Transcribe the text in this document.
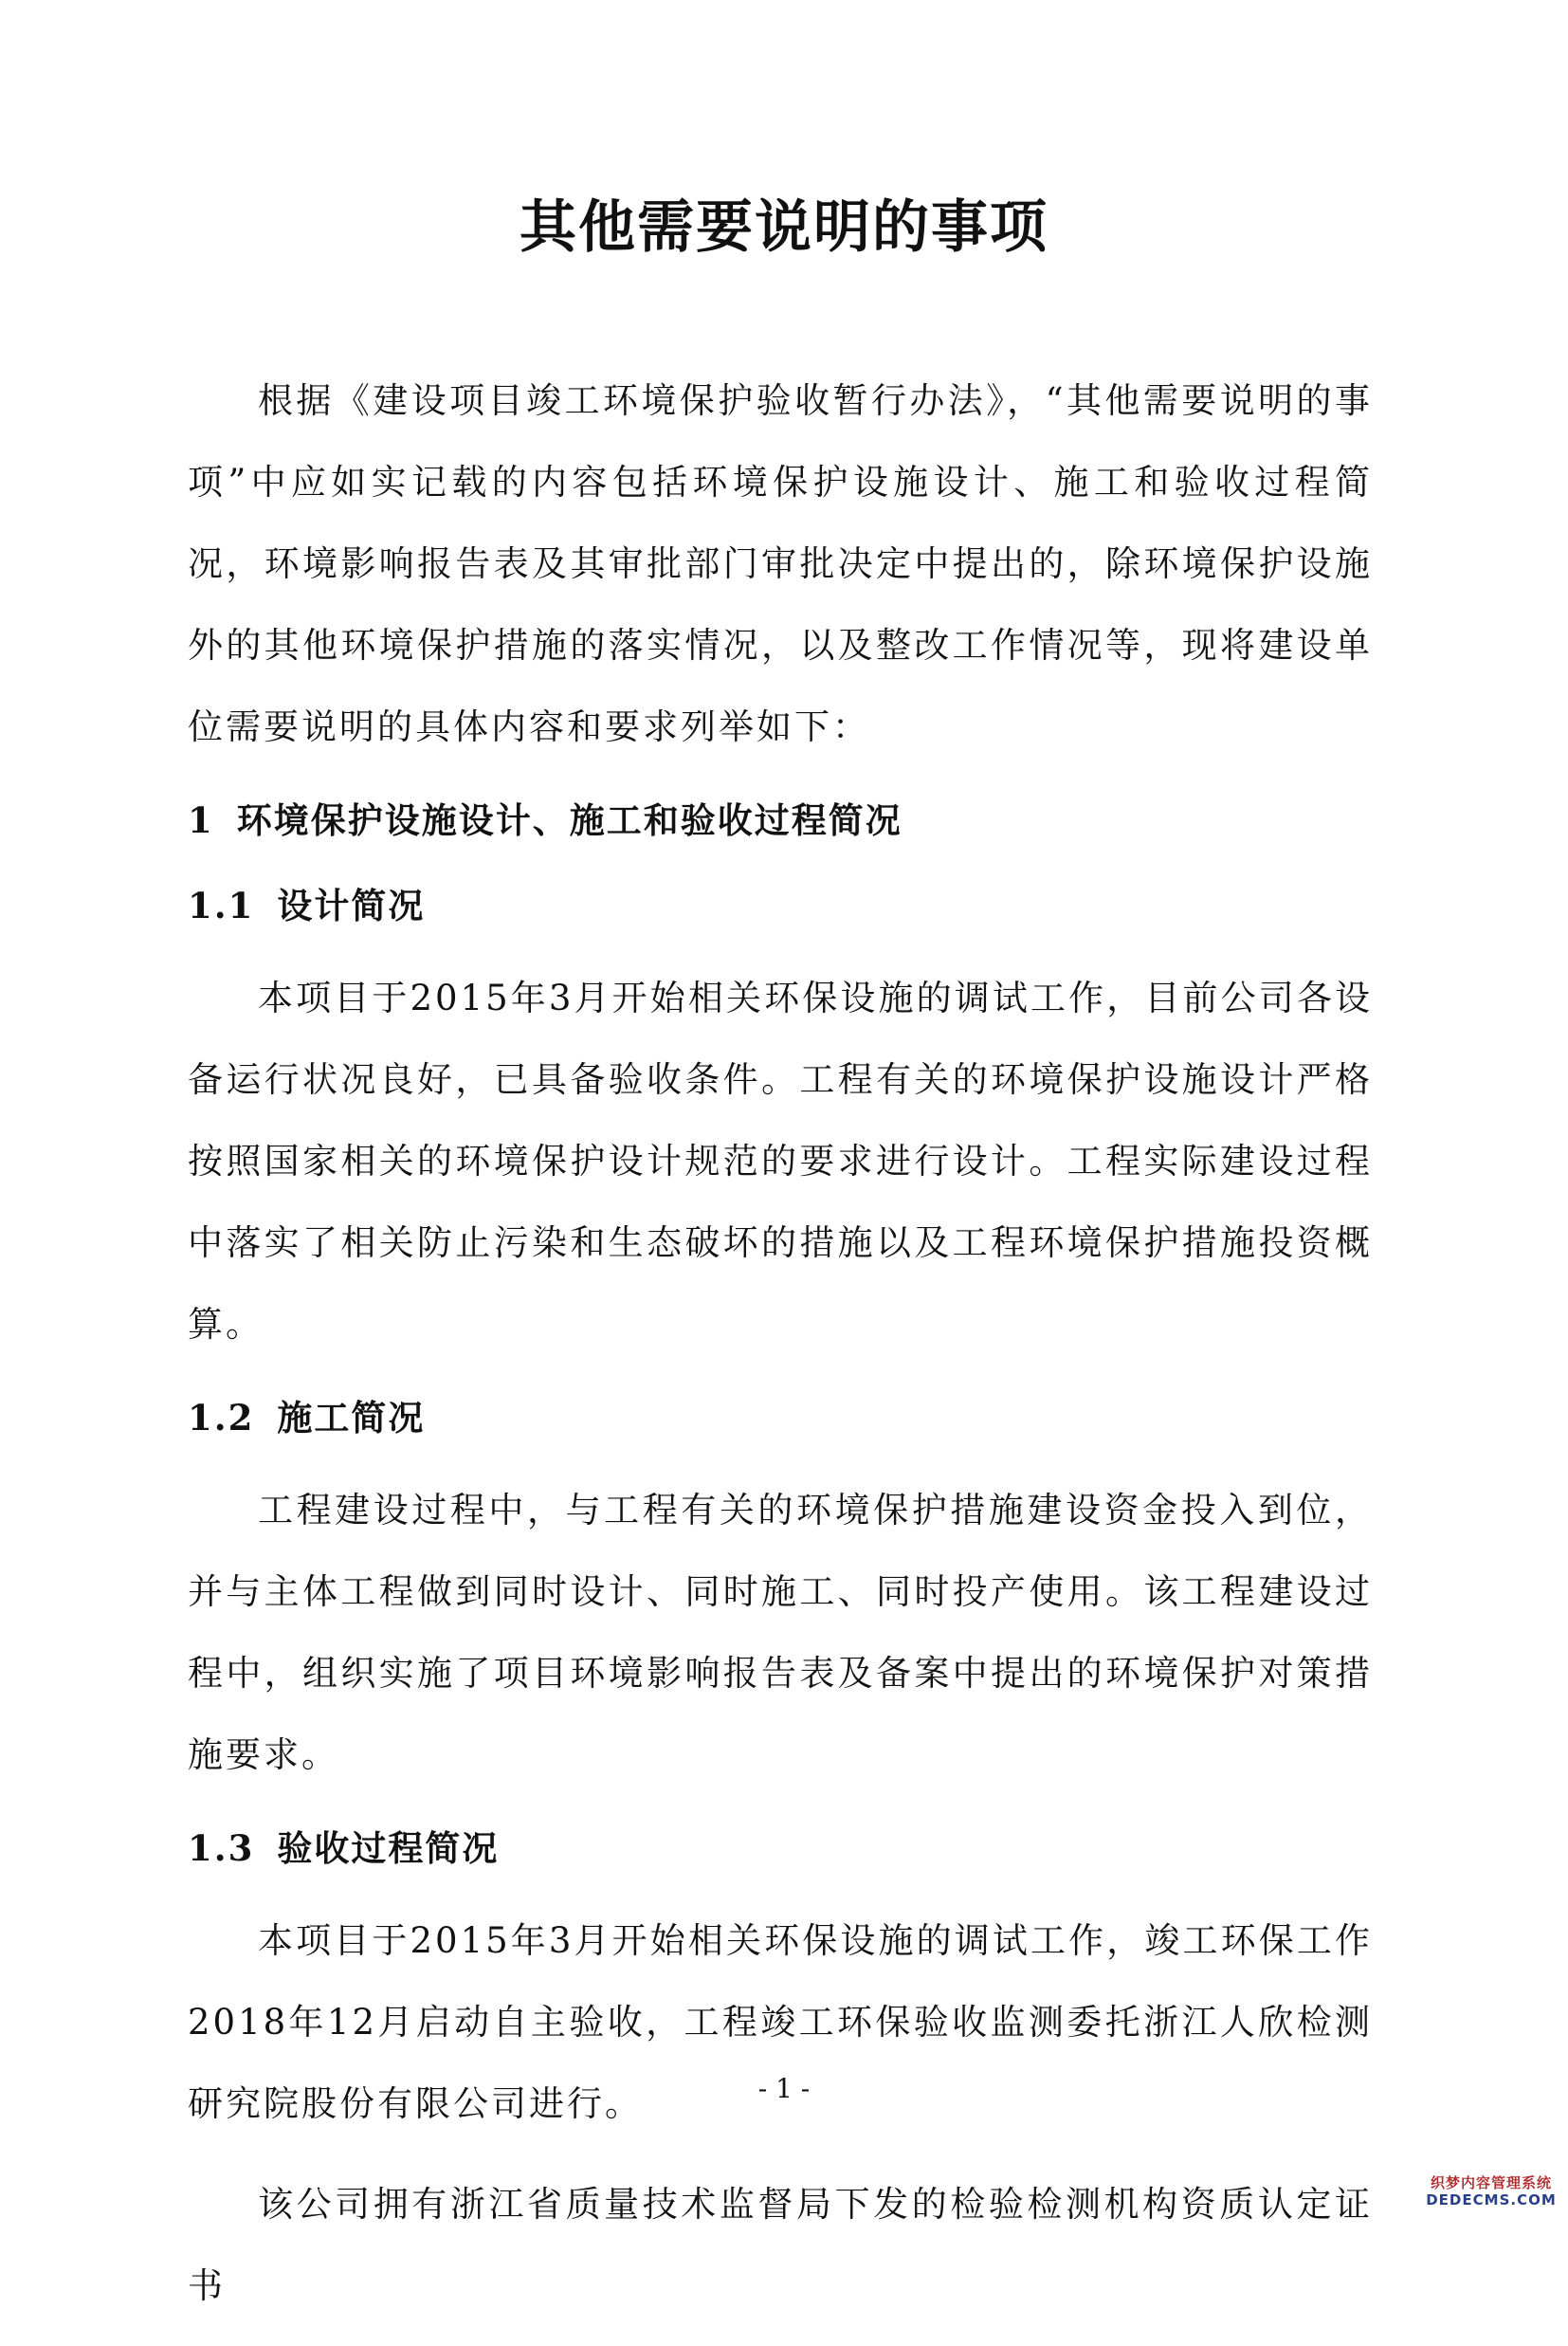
其他需要说明的事项

根据《建设项目竣工环境保护验收暂行办法》，“其他需要说明的事项”中应如实记载的内容包括环境保护设施设计、施工和验收过程简况，环境影响报告表及其审批部门审批决定中提出的，除环境保护设施外的其他环境保护措施的落实情况，以及整改工作情况等，现将建设单位需要说明的具体内容和要求列举如下：

1 环境保护设施设计、施工和验收过程简况
1.1 设计简况

本项目于2015年3月开始相关环保设施的调试工作，目前公司各设备运行状况良好，已具备验收条件。工程有关的环境保护设施设计严格按照国家相关的环境保护设计规范的要求进行设计。工程实际建设过程中落实了相关防止污染和生态破坏的措施以及工程环境保护措施投资概算。

1.2 施工简况

工程建设过程中，与工程有关的环境保护措施建设资金投入到位，并与主体工程做到同时设计、同时施工、同时投产使用。该工程建设过程中，组织实施了项目环境影响报告表及备案中提出的环境保护对策措施要求。

1.3 验收过程简况

本项目于2015年3月开始相关环保设施的调试工作，竣工环保工作2018年12月启动自主验收，工程竣工环保验收监测委托浙江人欣检测研究院股份有限公司进行。

该公司拥有浙江省质量技术监督局下发的检验检测机构资质认定证书

- 1 -
织梦内容管理系统
DEDECMS.COM
